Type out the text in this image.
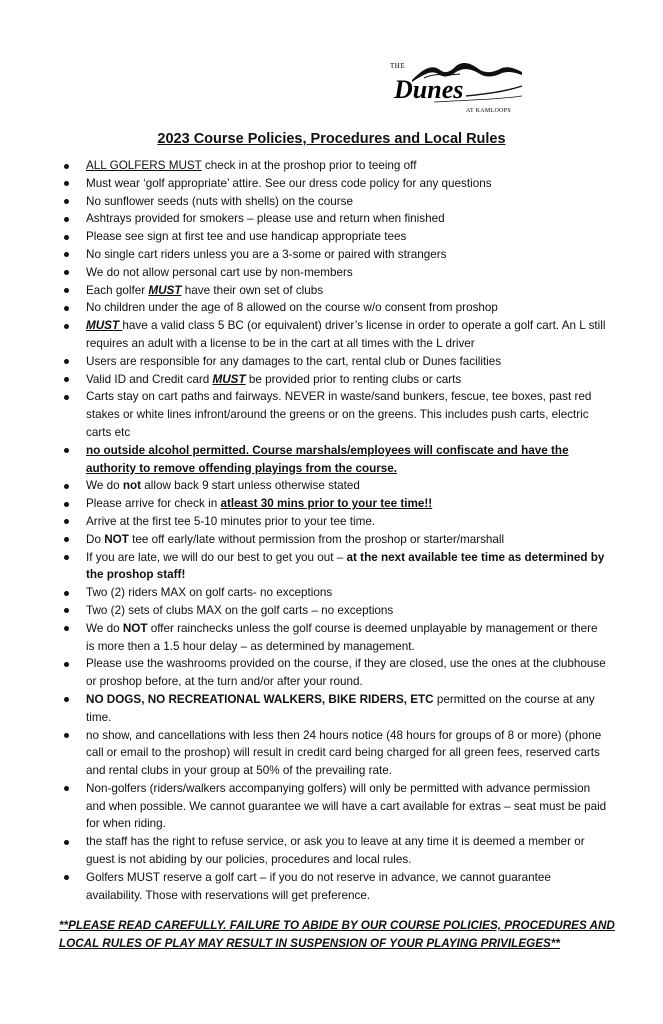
THE
Dunes
AT KAMLOOPS
2023 Course Policies, Procedures and Local Rules
ALL GOLFERS MUST check in at the proshop prior to teeing off
Must wear ‘golf appropriate’ attire. See our dress code policy for any questions
No sunflower seeds (nuts with shells) on the course
Ashtrays provided for smokers – please use and return when finished
Please see sign at first tee and use handicap appropriate tees
No single cart riders unless you are a 3-some or paired with strangers
We do not allow personal cart use by non-members
Each golfer MUST have their own set of clubs
No children under the age of 8 allowed on the course w/o consent from proshop
MUST have a valid class 5 BC (or equivalent) driver’s license in order to operate a golf cart. An L still requires an adult with a license to be in the cart at all times with the L driver
Users are responsible for any damages to the cart, rental club or Dunes facilities
Valid ID and Credit card MUST be provided prior to renting clubs or carts
Carts stay on cart paths and fairways. NEVER in waste/sand bunkers, fescue, tee boxes, past red stakes or white lines infront/around the greens or on the greens. This includes push carts, electric carts etc
no outside alcohol permitted. Course marshals/employees will confiscate and have the authority to remove offending playings from the course.
We do not allow back 9 start unless otherwise stated
Please arrive for check in atleast 30 mins prior to your tee time!!
Arrive at the first tee 5-10 minutes prior to your tee time.
Do NOT tee off early/late without permission from the proshop or starter/marshall
If you are late, we will do our best to get you out – at the next available tee time as determined by the proshop staff!
Two (2) riders MAX on golf carts- no exceptions
Two (2) sets of clubs MAX on the golf carts – no exceptions
We do NOT offer rainchecks unless the golf course is deemed unplayable by management or there is more then a 1.5 hour delay – as determined by management.
Please use the washrooms provided on the course, if they are closed, use the ones at the clubhouse or proshop before, at the turn and/or after your round.
NO DOGS, NO RECREATIONAL WALKERS, BIKE RIDERS, ETC permitted on the course at any time.
no show, and cancellations with less then 24 hours notice (48 hours for groups of 8 or more) (phone call or email to the proshop) will result in credit card being charged for all green fees, reserved carts and rental clubs in your group at 50% of the prevailing rate.
Non-golfers (riders/walkers accompanying golfers) will only be permitted with advance permission and when possible. We cannot guarantee we will have a cart available for extras – seat must be paid for when riding.
the staff has the right to refuse service, or ask you to leave at any time it is deemed a member or guest is not abiding by our policies, procedures and local rules.
Golfers MUST reserve a golf cart – if you do not reserve in advance, we cannot guarantee availability. Those with reservations will get preference.

**PLEASE READ CAREFULLY. FAILURE TO ABIDE BY OUR COURSE POLICIES, PROCEDURES AND LOCAL RULES OF PLAY MAY RESULT IN SUSPENSION OF YOUR PLAYING PRIVILEGES**
